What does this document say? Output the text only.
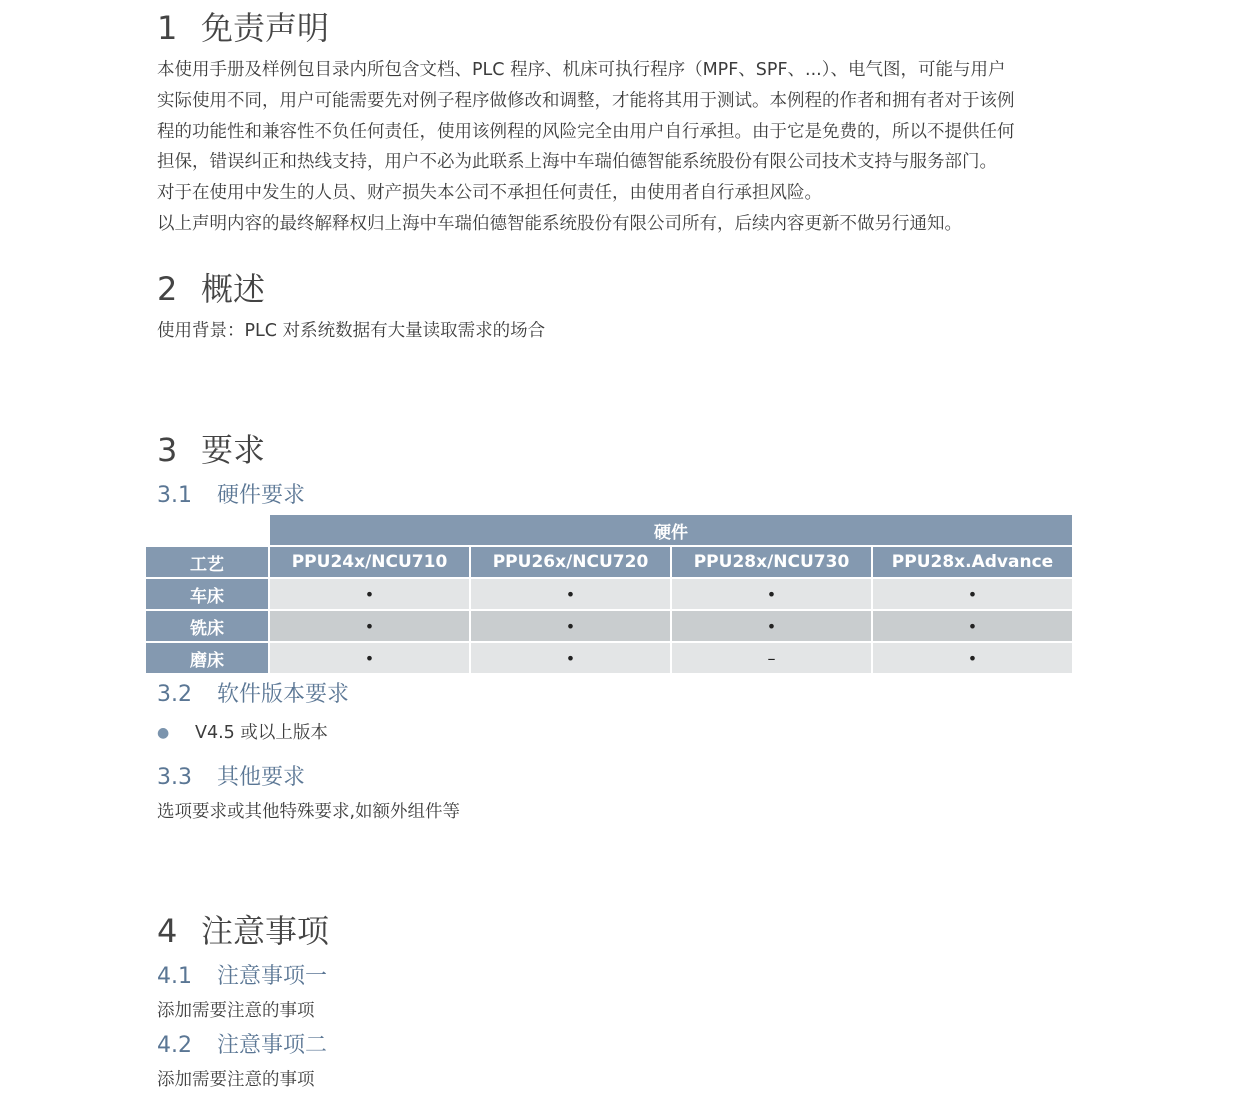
1 免责声明
本使用手册及样例包目录内所包含文档、PLC 程序、机床可执行程序（MPF、SPF、...）、电气图，可能与用户
实际使用不同，用户可能需要先对例子程序做修改和调整，才能将其用于测试。本例程的作者和拥有者对于该例
程的功能性和兼容性不负任何责任，使用该例程的风险完全由用户自行承担。由于它是免费的，所以不提供任何
担保，错误纠正和热线支持，用户不必为此联系上海中车瑞伯德智能系统股份有限公司技术支持与服务部门。
对于在使用中发生的人员、财产损失本公司不承担任何责任，由使用者自行承担风险。
以上声明内容的最终解释权归上海中车瑞伯德智能系统股份有限公司所有，后续内容更新不做另行通知。
2 概述
使用背景：PLC 对系统数据有大量读取需求的场合
3 要求
3.1 硬件要求
3.2 软件版本要求
● V4.5 或以上版本
3.3 其他要求
选项要求或其他特殊要求,如额外组件等
4 注意事项
4.1 注意事项一
添加需要注意的事项
4.2 注意事项二
添加需要注意的事项
	硬件			
工艺	PPU24x/NCU710	PPU26x/NCU720	PPU28x/NCU730	PPU28x.Advance
车床	•	•	•	•
铣床	•	•	•	•
磨床	•	•	–	•
